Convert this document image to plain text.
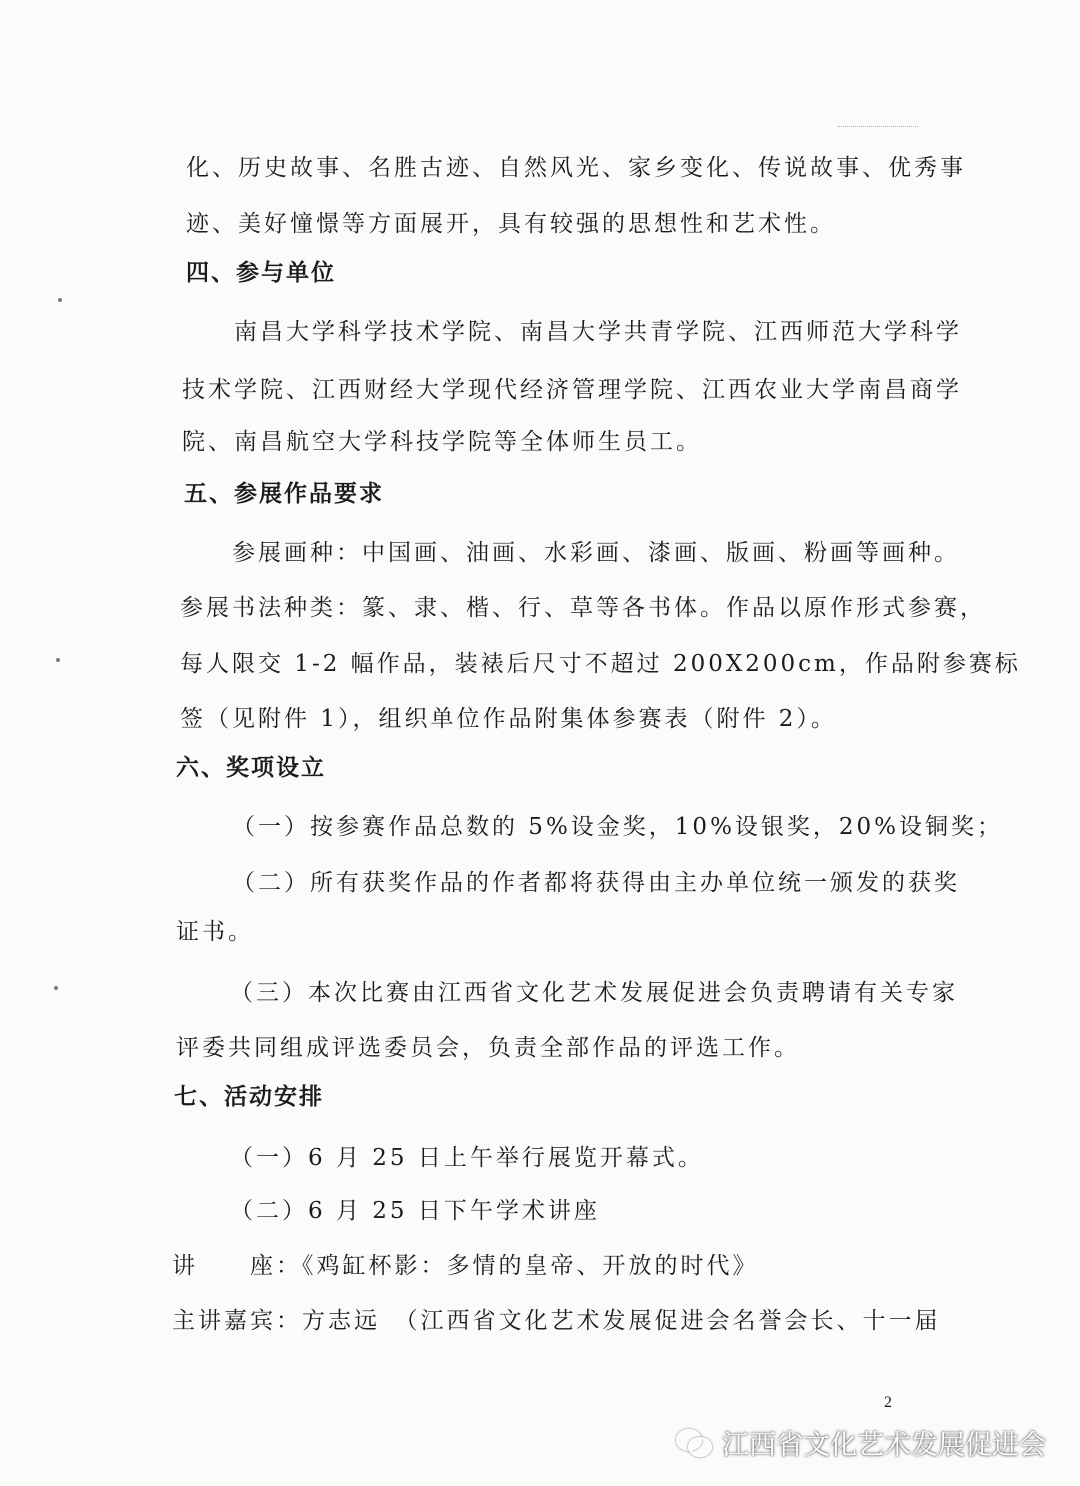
化、历史故事、名胜古迹、自然风光、家乡变化、传说故事、优秀事
迹、美好憧憬等方面展开，具有较强的思想性和艺术性。
四、参与单位
南昌大学科学技术学院、南昌大学共青学院、江西师范大学科学
技术学院、江西财经大学现代经济管理学院、江西农业大学南昌商学
院、南昌航空大学科技学院等全体师生员工。
五、参展作品要求
参展画种：中国画、油画、水彩画、漆画、版画、粉画等画种。
参展书法种类：篆、隶、楷、行、草等各书体。作品以原作形式参赛，
每人限交 1-2 幅作品，装裱后尺寸不超过 200X200cm，作品附参赛标
签（见附件 1），组织单位作品附集体参赛表（附件 2）。
六、奖项设立
（一）按参赛作品总数的 5%设金奖，10%设银奖，20%设铜奖；
（二）所有获奖作品的作者都将获得由主办单位统一颁发的获奖
证书。
（三）本次比赛由江西省文化艺术发展促进会负责聘请有关专家
评委共同组成评选委员会，负责全部作品的评选工作。
七、活动安排
（一）6 月 25 日上午举行展览开幕式。
（二）6 月 25 日下午学术讲座
讲　　座：《鸡缸杯影：多情的皇帝、开放的时代》
主讲嘉宾：方志远　（江西省文化艺术发展促进会名誉会长、十一届
2
江西省文化艺术发展促进会
